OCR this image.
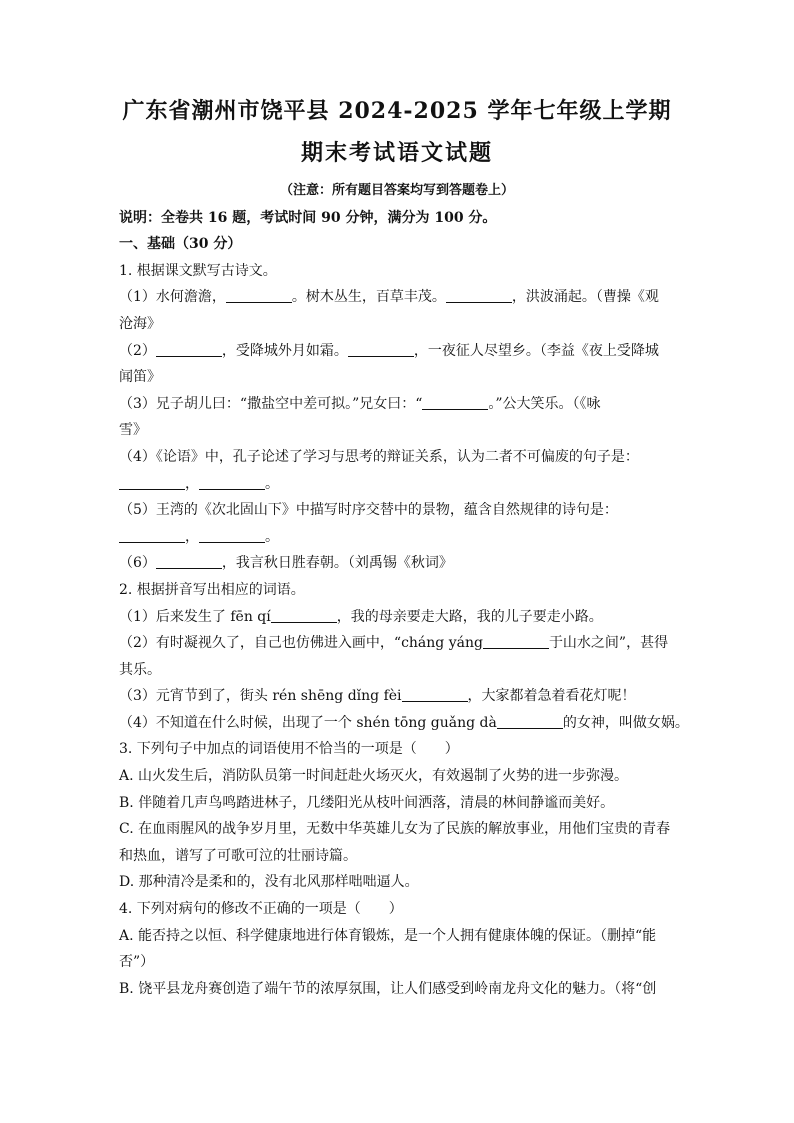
广东省潮州市饶平县 2024-2025 学年七年级上学期
期末考试语文试题
（注意：所有题目答案均写到答题卷上）
说明：全卷共 16 题，考试时间 90 分钟，满分为 100 分。
一、基础（30 分）
1. 根据课文默写古诗文。
（1）水何澹澹，	。树木丛生，百草丰茂。	，洪波涌起。（曹操《观
沧海》
（2）	，受降城外月如霜。	，一夜征人尽望乡。（李益《夜上受降城
闻笛》
（3）兄子胡儿曰：“撒盐空中差可拟。”兄女曰：“	。”公大笑乐。（《咏
雪》
（4）《论语》中，孔子论述了学习与思考的辩证关系，认为二者不可偏废的句子是：
，	。
（5）王湾的《次北固山下》中描写时序交替中的景物，蕴含自然规律的诗句是：
，	。
（6）	，我言秋日胜春朝。（刘禹锡《秋词》
2. 根据拼音写出相应的词语。
（1）后来发生了 fēn qí	，我的母亲要走大路，我的儿子要走小路。
（2）有时凝视久了，自己也仿佛进入画中，“cháng yáng	于山水之间”，甚得
其乐。
（3）元宵节到了，街头 rén shēng dǐng fèi	，大家都着急着看花灯呢！
（4）不知道在什么时候，出现了一个 shén tōng guǎng dà	的女神，叫做女娲。
3. 下列句子中加点的词语使用不恰当的一项是（　　）
A. 山火发生后，消防队员第一时间赶赴火场灭火，有效遏制了火势的进一步弥漫。
B. 伴随着几声鸟鸣踏进林子，几缕阳光从枝叶间洒落，清晨的林间静谧而美好。
C. 在血雨腥风的战争岁月里，无数中华英雄儿女为了民族的解放事业，用他们宝贵的青春
和热血，谱写了可歌可泣的壮丽诗篇。
D. 那种清冷是柔和的，没有北风那样咄咄逼人。
4. 下列对病句的修改不正确的一项是（　　）
A. 能否持之以恒、科学健康地进行体育锻炼，是一个人拥有健康体魄的保证。（删掉“能
否”）
B. 饶平县龙舟赛创造了端午节的浓厚氛围，让人们感受到岭南龙舟文化的魅力。（将“创
